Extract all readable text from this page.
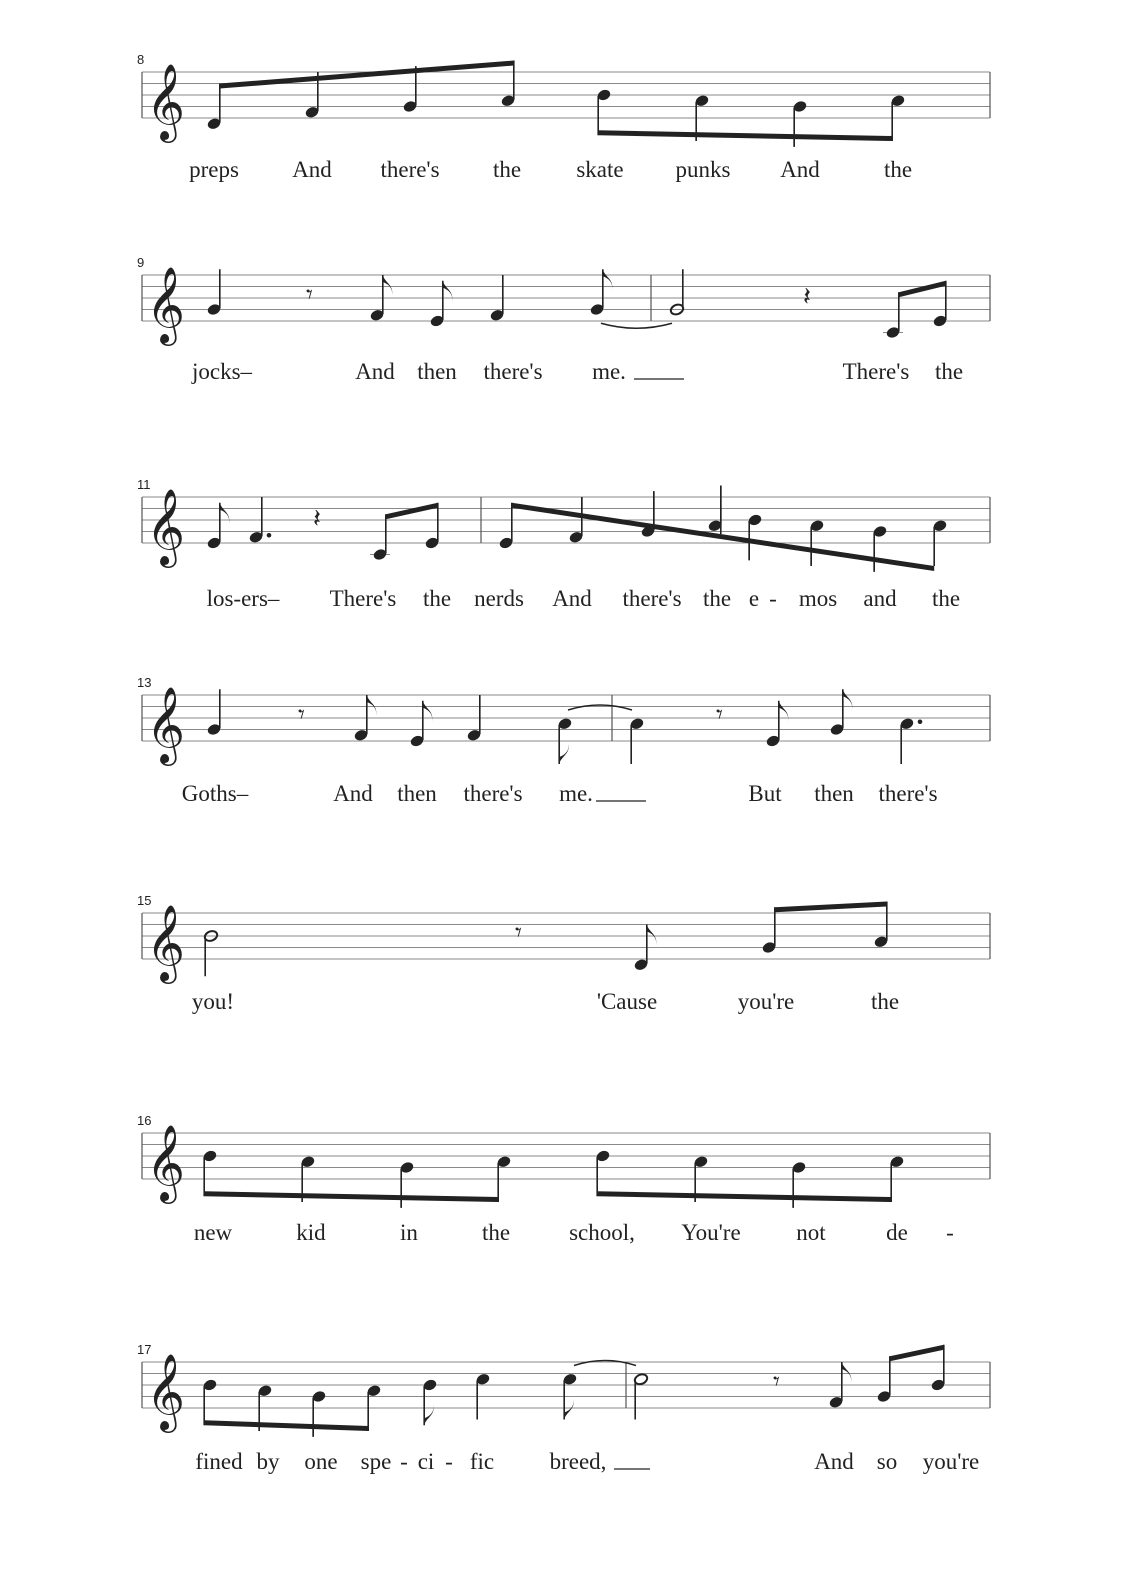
𝄞
8
preps And there's the skate punks And	the
𝄞
9
𝄾	𝄽
jocks–	And then there's me.	There's the
𝄞
11
𝄽
los-ers– There's the nerds And there's the e - mos and the
𝄞
13
𝄾	𝄾
Goths–	And then there's me.	But then there's
𝄞
15
𝄾
you!	'Cause	you're	the
𝄞
16
new	kid	in	the	school, You're not	de -
𝄞
17
𝄾
fined by one spe - ci - fic breed,	And so you're
